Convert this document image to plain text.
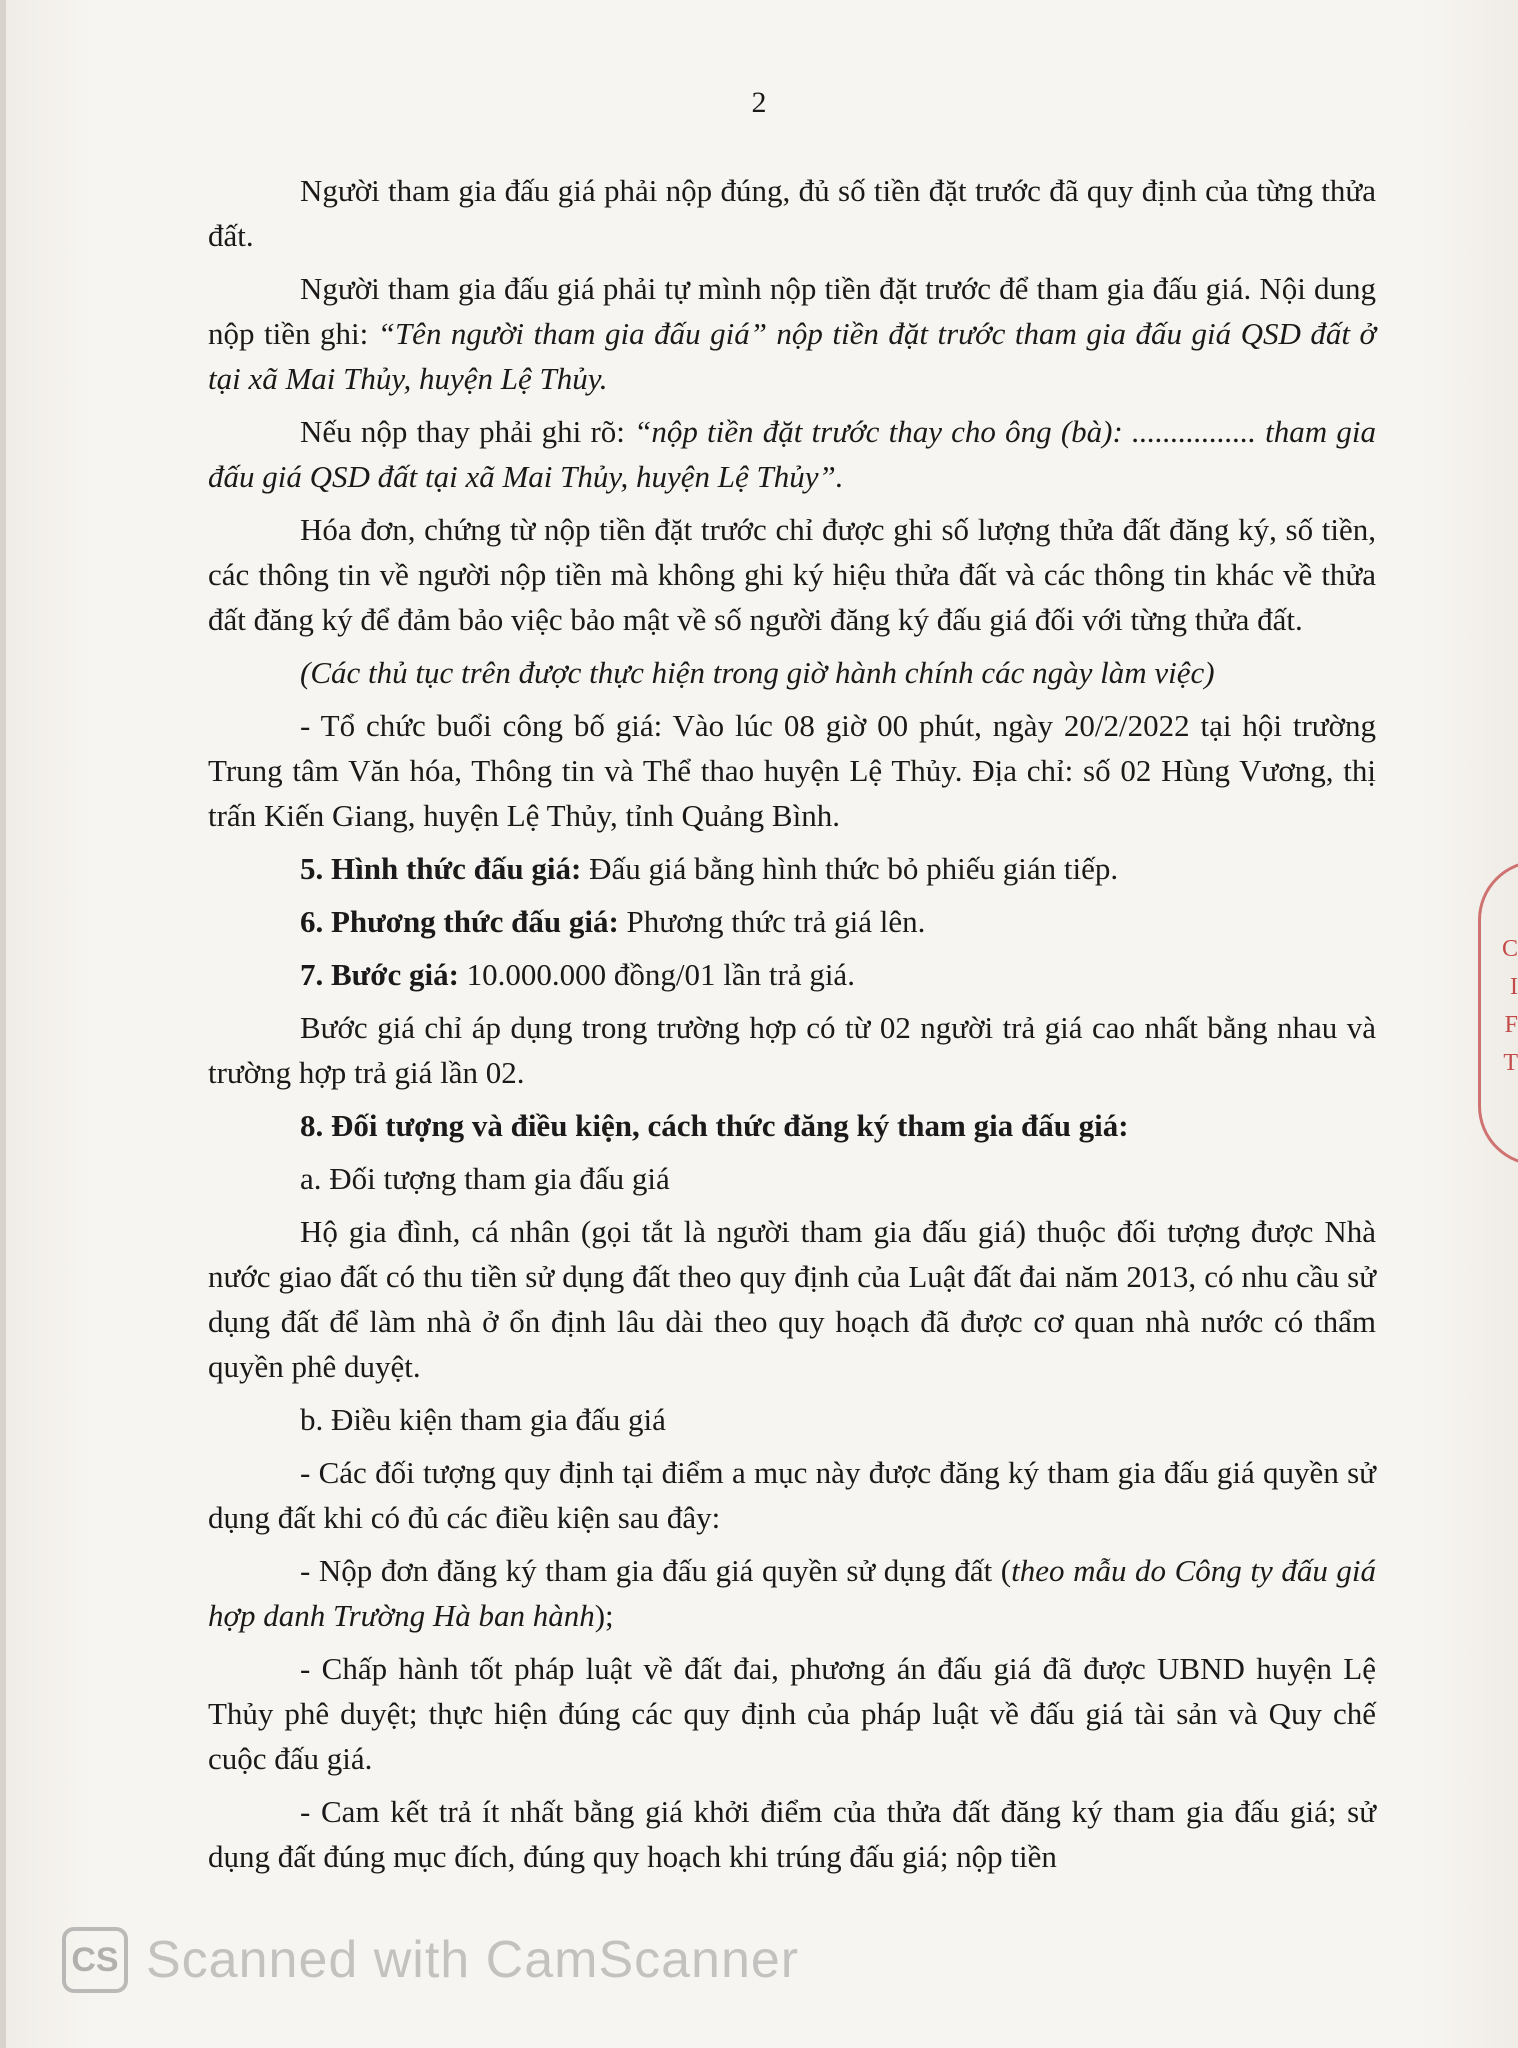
2

Người tham gia đấu giá phải nộp đúng, đủ số tiền đặt trước đã quy định của từng thửa đất.

Người tham gia đấu giá phải tự mình nộp tiền đặt trước để tham gia đấu giá. Nội dung nộp tiền ghi: “Tên người tham gia đấu giá” nộp tiền đặt trước tham gia đấu giá QSD đất ở tại xã Mai Thủy, huyện Lệ Thủy.

Nếu nộp thay phải ghi rõ: “nộp tiền đặt trước thay cho ông (bà): ................ tham gia đấu giá QSD đất tại xã Mai Thủy, huyện Lệ Thủy”.

Hóa đơn, chứng từ nộp tiền đặt trước chỉ được ghi số lượng thửa đất đăng ký, số tiền, các thông tin về người nộp tiền mà không ghi ký hiệu thửa đất và các thông tin khác về thửa đất đăng ký để đảm bảo việc bảo mật về số người đăng ký đấu giá đối với từng thửa đất.

(Các thủ tục trên được thực hiện trong giờ hành chính các ngày làm việc)

- Tổ chức buổi công bố giá: Vào lúc 08 giờ 00 phút, ngày 20/2/2022 tại hội trường Trung tâm Văn hóa, Thông tin và Thể thao huyện Lệ Thủy. Địa chỉ: số 02 Hùng Vương, thị trấn Kiến Giang, huyện Lệ Thủy, tỉnh Quảng Bình.

5. Hình thức đấu giá: Đấu giá bằng hình thức bỏ phiếu gián tiếp.

6. Phương thức đấu giá: Phương thức trả giá lên.

7. Bước giá: 10.000.000 đồng/01 lần trả giá.

Bước giá chỉ áp dụng trong trường hợp có từ 02 người trả giá cao nhất bằng nhau và trường hợp trả giá lần 02.

8. Đối tượng và điều kiện, cách thức đăng ký tham gia đấu giá:

a. Đối tượng tham gia đấu giá

Hộ gia đình, cá nhân (gọi tắt là người tham gia đấu giá) thuộc đối tượng được Nhà nước giao đất có thu tiền sử dụng đất theo quy định của Luật đất đai năm 2013, có nhu cầu sử dụng đất để làm nhà ở ổn định lâu dài theo quy hoạch đã được cơ quan nhà nước có thẩm quyền phê duyệt.

b. Điều kiện tham gia đấu giá

- Các đối tượng quy định tại điểm a mục này được đăng ký tham gia đấu giá quyền sử dụng đất khi có đủ các điều kiện sau đây:

- Nộp đơn đăng ký tham gia đấu giá quyền sử dụng đất (theo mẫu do Công ty đấu giá hợp danh Trường Hà ban hành);

- Chấp hành tốt pháp luật về đất đai, phương án đấu giá đã được UBND huyện Lệ Thủy phê duyệt; thực hiện đúng các quy định của pháp luật về đấu giá tài sản và Quy chế cuộc đấu giá.

- Cam kết trả ít nhất bằng giá khởi điểm của thửa đất đăng ký tham gia đấu giá; sử dụng đất đúng mục đích, đúng quy hoạch khi trúng đấu giá; nộp tiền

C
I
F
T
CS Scanned with CamScanner
